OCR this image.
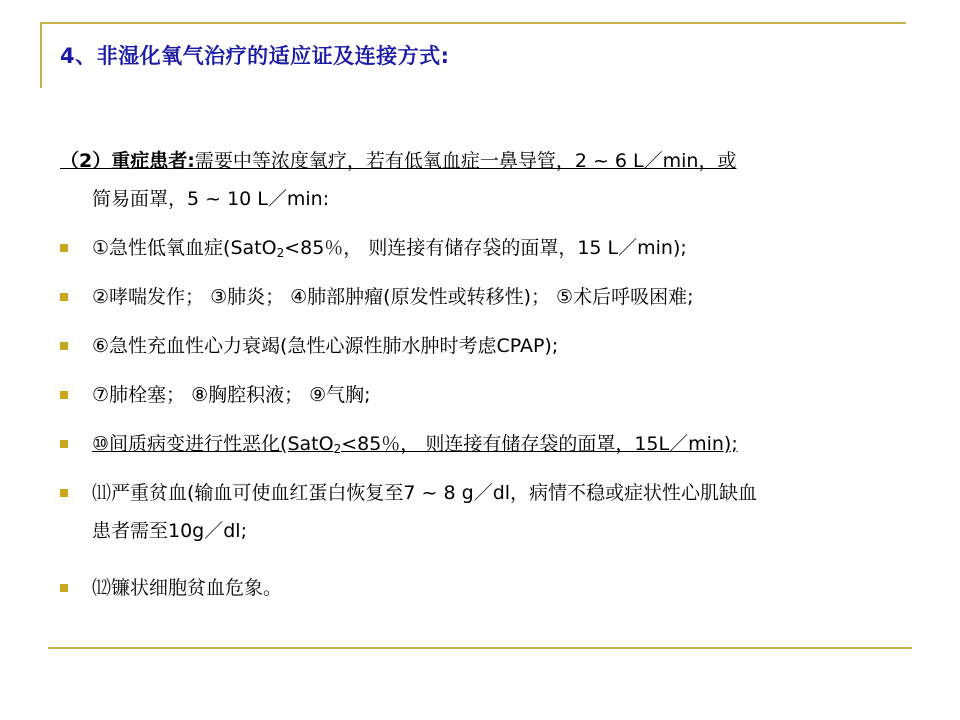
4、非湿化氧气治疗的适应证及连接方式:
（2）重症患者:需要中等浓度氧疗，若有低氧血症一鼻导管，2 ~ 6 L／min，或
简易面罩，5 ~ 10 L／min:
①急性低氧血症(SatO$_2$<85％， 则连接有储存袋的面罩，15 L／min);
②哮喘发作； ③肺炎； ④肺部肿瘤(原发性或转移性)； ⑤术后呼吸困难;
⑥急性充血性心力衰竭(急性心源性肺水肿时考虑CPAP);
⑦肺栓塞； ⑧胸腔积液； ⑨气胸;
⑩间质病变进行性恶化(SatO$_2$<85％， 则连接有储存袋的面罩，15L／min);
⑾严重贫血(输血可使血红蛋白恢复至7 ~ 8 g／dl，病情不稳或症状性心肌缺血
患者需至10g／dl;
⑿镰状细胞贫血危象。
